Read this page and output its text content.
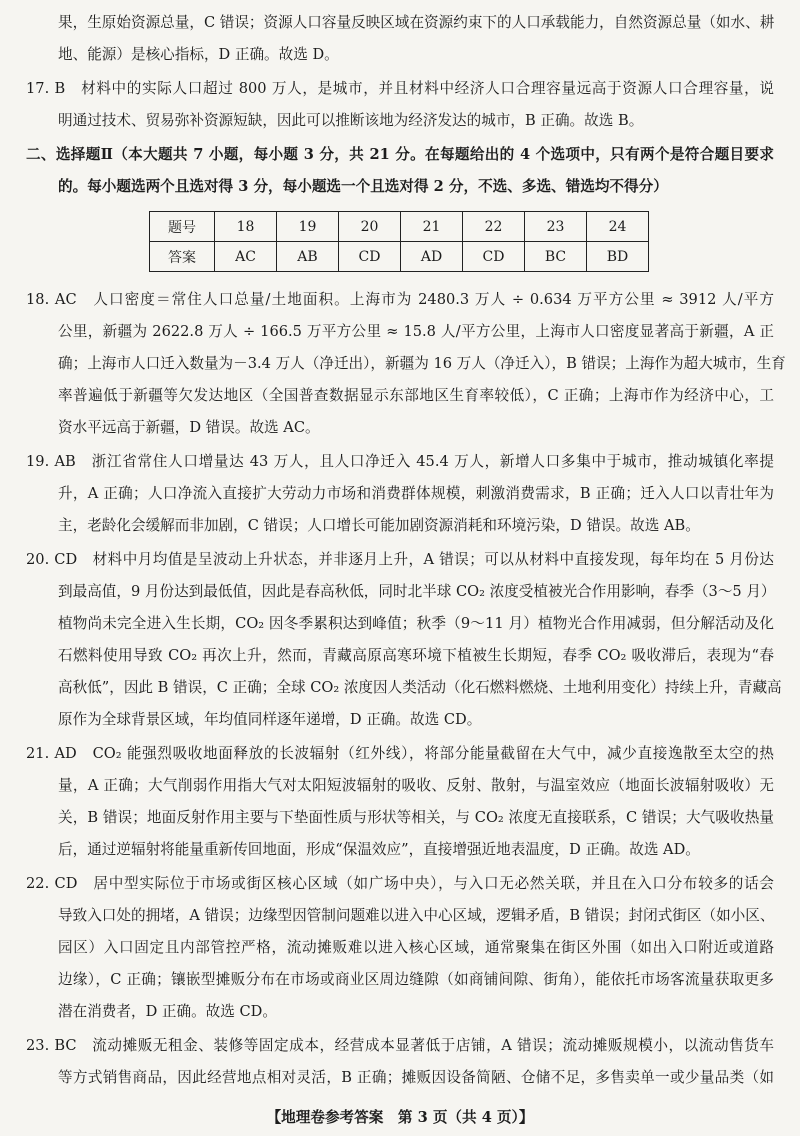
果，生原始资源总量，C 错误；资源人口容量反映区域在资源约束下的人口承载能力，自然资源总量（如水、耕
地、能源）是核心指标，D 正确。故选 D。
17. B　材料中的实际人口超过 800 万人，是城市，并且材料中经济人口合理容量远高于资源人口合理容量，说
明通过技术、贸易弥补资源短缺，因此可以推断该地为经济发达的城市，B 正确。故选 B。
二、选择题Ⅱ（本大题共 7 小题，每小题 3 分，共 21 分。在每题给出的 4 个选项中，只有两个是符合题目要求
的。每小题选两个且选对得 3 分，每小题选一个且选对得 2 分，不选、多选、错选均不得分）
18. AC　人口密度＝常住人口总量/土地面积。上海市为 2480.3 万人 ÷ 0.634 万平方公里 ≈ 3912 人/平方
公里，新疆为 2622.8 万人 ÷ 166.5 万平方公里 ≈ 15.8 人/平方公里，上海市人口密度显著高于新疆，A 正
确；上海市人口迁入数量为－3.4 万人（净迁出），新疆为 16 万人（净迁入），B 错误；上海作为超大城市，生育
率普遍低于新疆等欠发达地区（全国普查数据显示东部地区生育率较低），C 正确；上海市作为经济中心，工
资水平远高于新疆，D 错误。故选 AC。
19. AB　浙江省常住人口增量达 43 万人，且人口净迁入 45.4 万人，新增人口多集中于城市，推动城镇化率提
升，A 正确；人口净流入直接扩大劳动力市场和消费群体规模，刺激消费需求，B 正确；迁入人口以青壮年为
主，老龄化会缓解而非加剧，C 错误；人口增长可能加剧资源消耗和环境污染，D 错误。故选 AB。
20. CD　材料中月均值是呈波动上升状态，并非逐月上升，A 错误；可以从材料中直接发现，每年均在 5 月份达
到最高值，9 月份达到最低值，因此是春高秋低，同时北半球 CO₂ 浓度受植被光合作用影响，春季（3～5 月）
植物尚未完全进入生长期，CO₂ 因冬季累积达到峰值；秋季（9～11 月）植物光合作用减弱，但分解活动及化
石燃料使用导致 CO₂ 再次上升，然而，青藏高原高寒环境下植被生长期短，春季 CO₂ 吸收滞后，表现为“春
高秋低”，因此 B 错误，C 正确；全球 CO₂ 浓度因人类活动（化石燃料燃烧、土地利用变化）持续上升，青藏高
原作为全球背景区域，年均值同样逐年递增，D 正确。故选 CD。
21. AD　CO₂ 能强烈吸收地面释放的长波辐射（红外线），将部分能量截留在大气中，减少直接逸散至太空的热
量，A 正确；大气削弱作用指大气对太阳短波辐射的吸收、反射、散射，与温室效应（地面长波辐射吸收）无
关，B 错误；地面反射作用主要与下垫面性质与形状等相关，与 CO₂ 浓度无直接联系，C 错误；大气吸收热量
后，通过逆辐射将能量重新传回地面，形成“保温效应”，直接增强近地表温度，D 正确。故选 AD。
22. CD　居中型实际位于市场或街区核心区域（如广场中央），与入口无必然关联，并且在入口分布较多的话会
导致入口处的拥堵，A 错误；边缘型因管制问题难以进入中心区域，逻辑矛盾，B 错误；封闭式街区（如小区、
园区）入口固定且内部管控严格，流动摊贩难以进入核心区域，通常聚集在街区外围（如出入口附近或道路
边缘），C 正确；镶嵌型摊贩分布在市场或商业区周边缝隙（如商铺间隙、街角），能依托市场客流量获取更多
潜在消费者，D 正确。故选 CD。
23. BC　流动摊贩无租金、装修等固定成本，经营成本显著低于店铺，A 错误；流动摊贩规模小，以流动售货车
等方式销售商品，因此经营地点相对灵活，B 正确；摊贩因设备简陋、仓储不足，多售卖单一或少量品类（如
题号	18	19	20	21	22	23	24
答案	AC	AB	CD	AD	CD	BC	BD
【地理卷参考答案　第 3 页（共 4 页）】
